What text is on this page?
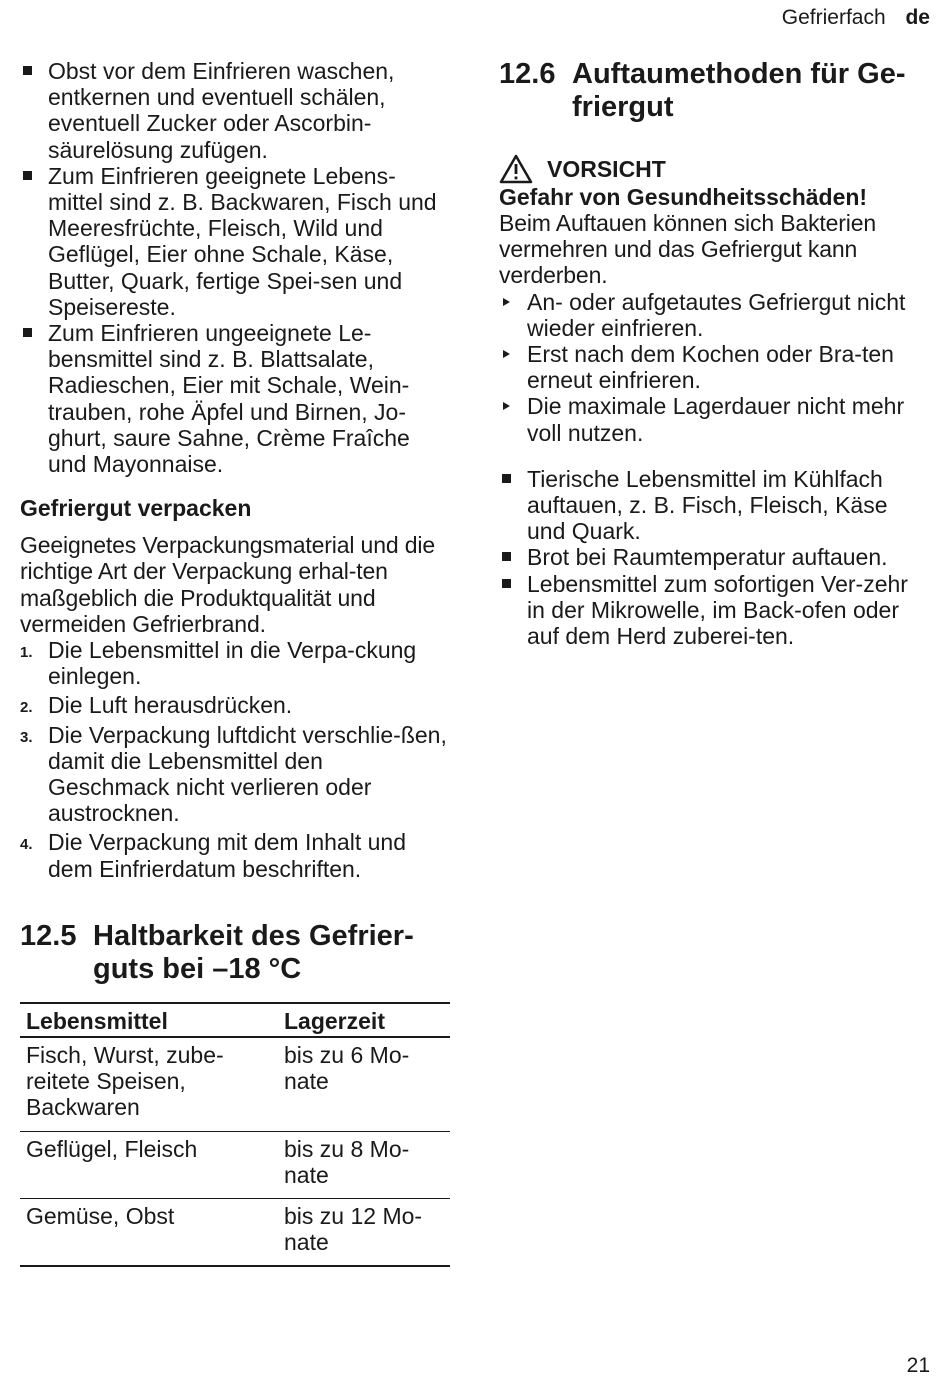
Gefrierfach de
Obst vor dem Einfrieren waschen, entkernen und eventuell schälen, eventuell Zucker oder Ascorbin-säurelösung zufügen.
Zum Einfrieren geeignete Lebens-mittel sind z. B. Backwaren, Fisch und Meeresfrüchte, Fleisch, Wild und Geflügel, Eier ohne Schale, Käse, Butter, Quark, fertige Spei-sen und Speisereste.
Zum Einfrieren ungeeignete Le-bensmittel sind z. B. Blattsalate, Radieschen, Eier mit Schale, Wein-trauben, rohe Äpfel und Birnen, Jo-ghurt, saure Sahne, Crème Fraîche und Mayonnaise.
Gefriergut verpacken

Geeignetes Verpackungsmaterial und die richtige Art der Verpackung erhal-ten maßgeblich die Produktqualität und vermeiden Gefrierbrand.

1. Die Lebensmittel in die Verpa-ckung einlegen.
2. Die Luft herausdrücken.
3. Die Verpackung luftdicht verschlie-ßen, damit die Lebensmittel den Geschmack nicht verlieren oder austrocknen.
4. Die Verpackung mit dem Inhalt und dem Einfrierdatum beschriften.
12.5 Haltbarkeit des Gefrier-guts bei –18 °C
Lebensmittel	Lagerzeit
Fisch, Wurst, zube-reitete Speisen, Backwaren	bis zu 6 Mo-nate
Geflügel, Fleisch	bis zu 8 Mo-nate
Gemüse, Obst	bis zu 12 Mo-nate
12.6 Auftaumethoden für Ge-friergut
VORSICHT
Gefahr von Gesundheitsschäden!

Beim Auftauen können sich Bakterien vermehren und das Gefriergut kann verderben.

An- oder aufgetautes Gefriergut nicht wieder einfrieren.
Erst nach dem Kochen oder Bra-ten erneut einfrieren.
Die maximale Lagerdauer nicht mehr voll nutzen.
Tierische Lebensmittel im Kühlfach auftauen, z. B. Fisch, Fleisch, Käse und Quark.
Brot bei Raumtemperatur auftauen.
Lebensmittel zum sofortigen Ver-zehr in der Mikrowelle, im Back-ofen oder auf dem Herd zuberei-ten.
21
